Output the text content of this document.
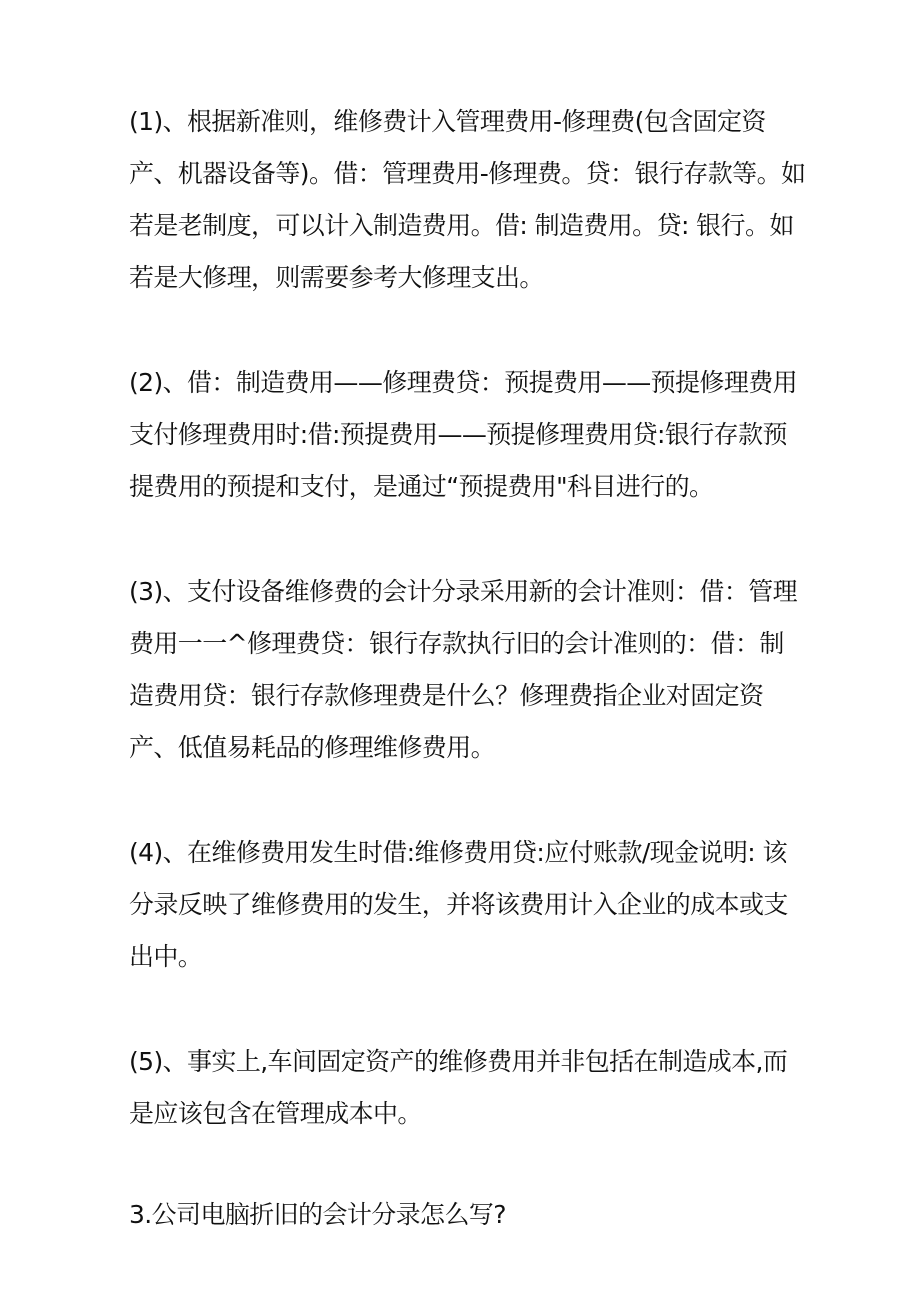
(1)、根据新准则，维修费计入管理费用-修理费(包含固定资产、机器设备等)。借：管理费用-修理费。贷：银行存款等。如若是老制度，可以计入制造费用。借: 制造费用。贷: 银行。如若是大修理，则需要参考大修理支出。

(2)、借：制造费用——修理费贷：预提费用——预提修理费用支付修理费用时:借:预提费用——预提修理费用贷:银行存款预提费用的预提和支付，是通过“预提费用"科目进行的。

(3)、支付设备维修费的会计分录采用新的会计准则：借：管理费用一一^修理费贷：银行存款执行旧的会计准则的：借：制造费用贷：银行存款修理费是什么？修理费指企业对固定资产、低值易耗品的修理维修费用。

(4)、在维修费用发生时借:维修费用贷:应付账款/现金说明: 该分录反映了维修费用的发生，并将该费用计入企业的成本或支出中。

(5)、事实上,车间固定资产的维修费用并非包括在制造成本,而是应该包含在管理成本中。

3.公司电脑折旧的会计分录怎么写?
